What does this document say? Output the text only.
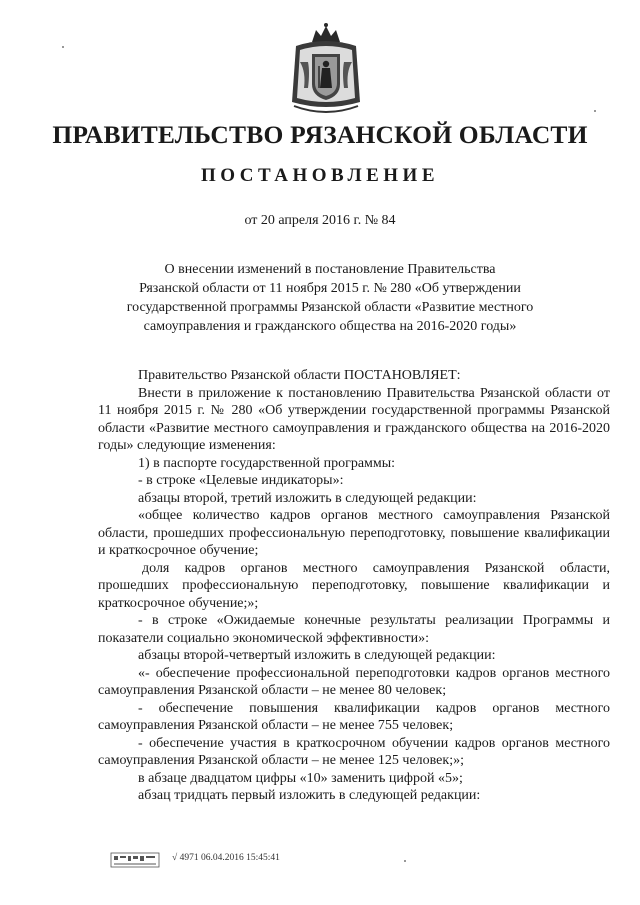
ПРАВИТЕЛЬСТВО РЯЗАНСКОЙ ОБЛАСТИ
ПОСТАНОВЛЕНИЕ
от 20 апреля 2016 г. № 84
О внесении изменений в постановление Правительства
Рязанской области от 11 ноября 2015 г. № 280 «Об утверждении
государственной программы Рязанской области «Развитие местного
самоуправления и гражданского общества на 2016-2020 годы»

Правительство Рязанской области ПОСТАНОВЛЯЕТ:

Внести в приложение к постановлению Правительства Рязанской области от 11 ноября 2015 г. № 280 «Об утверждении государственной программы Рязанской области «Развитие местного самоуправления и гражданского общества на 2016-2020 годы» следующие изменения:

1) в паспорте государственной программы:

- в строке «Целевые индикаторы»:

абзацы второй, третий изложить в следующей редакции:

«общее количество кадров органов местного самоуправления Рязанской области, прошедших профессиональную переподготовку, повышение квалификации и краткосрочное обучение;

доля кадров органов местного самоуправления Рязанской области, прошедших профессиональную переподготовку, повышение квалификации и краткосрочное обучение;»;

- в строке «Ожидаемые конечные результаты реализации Программы и показатели социально экономической эффективности»:

абзацы второй-четвертый изложить в следующей редакции:

«- обеспечение профессиональной переподготовки кадров органов местного самоуправления Рязанской области – не менее 80 человек;

- обеспечение повышения квалификации кадров органов местного самоуправления Рязанской области – не менее 755 человек;

- обеспечение участия в краткосрочном обучении кадров органов местного самоуправления Рязанской области – не менее 125 человек;»;

в абзаце двадцатом цифры «10» заменить цифрой «5»;

абзац тридцать первый изложить в следующей редакции:

√ 4971 06.04.2016 15:45:41
